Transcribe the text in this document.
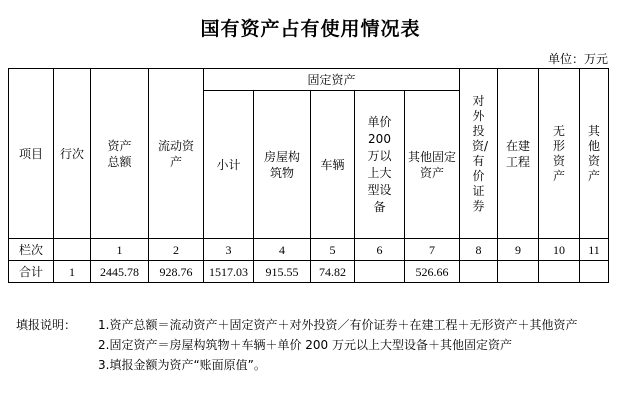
国有资产占有使用情况表
单位：万元
项目	行次	资产总额	流动资产	固定资产					对外投资/有价证券	在建工程	无形资产	其他资产
				小计	房屋构筑物	车辆	单价200万以上大型设备	其他固定资产				
栏次		1	2	3	4	5	6	7	8	9	10	11
合计	1	2445.78	928.76	1517.03	915.55	74.82		526.66				
填报说明：	1.资产总额＝流动资产＋固定资产＋对外投资／有价证券＋在建工程＋无形资产＋其他资产
2.固定资产＝房屋构筑物＋车辆＋单价 200 万元以上大型设备＋其他固定资产
3.填报金额为资产“账面原值”。
